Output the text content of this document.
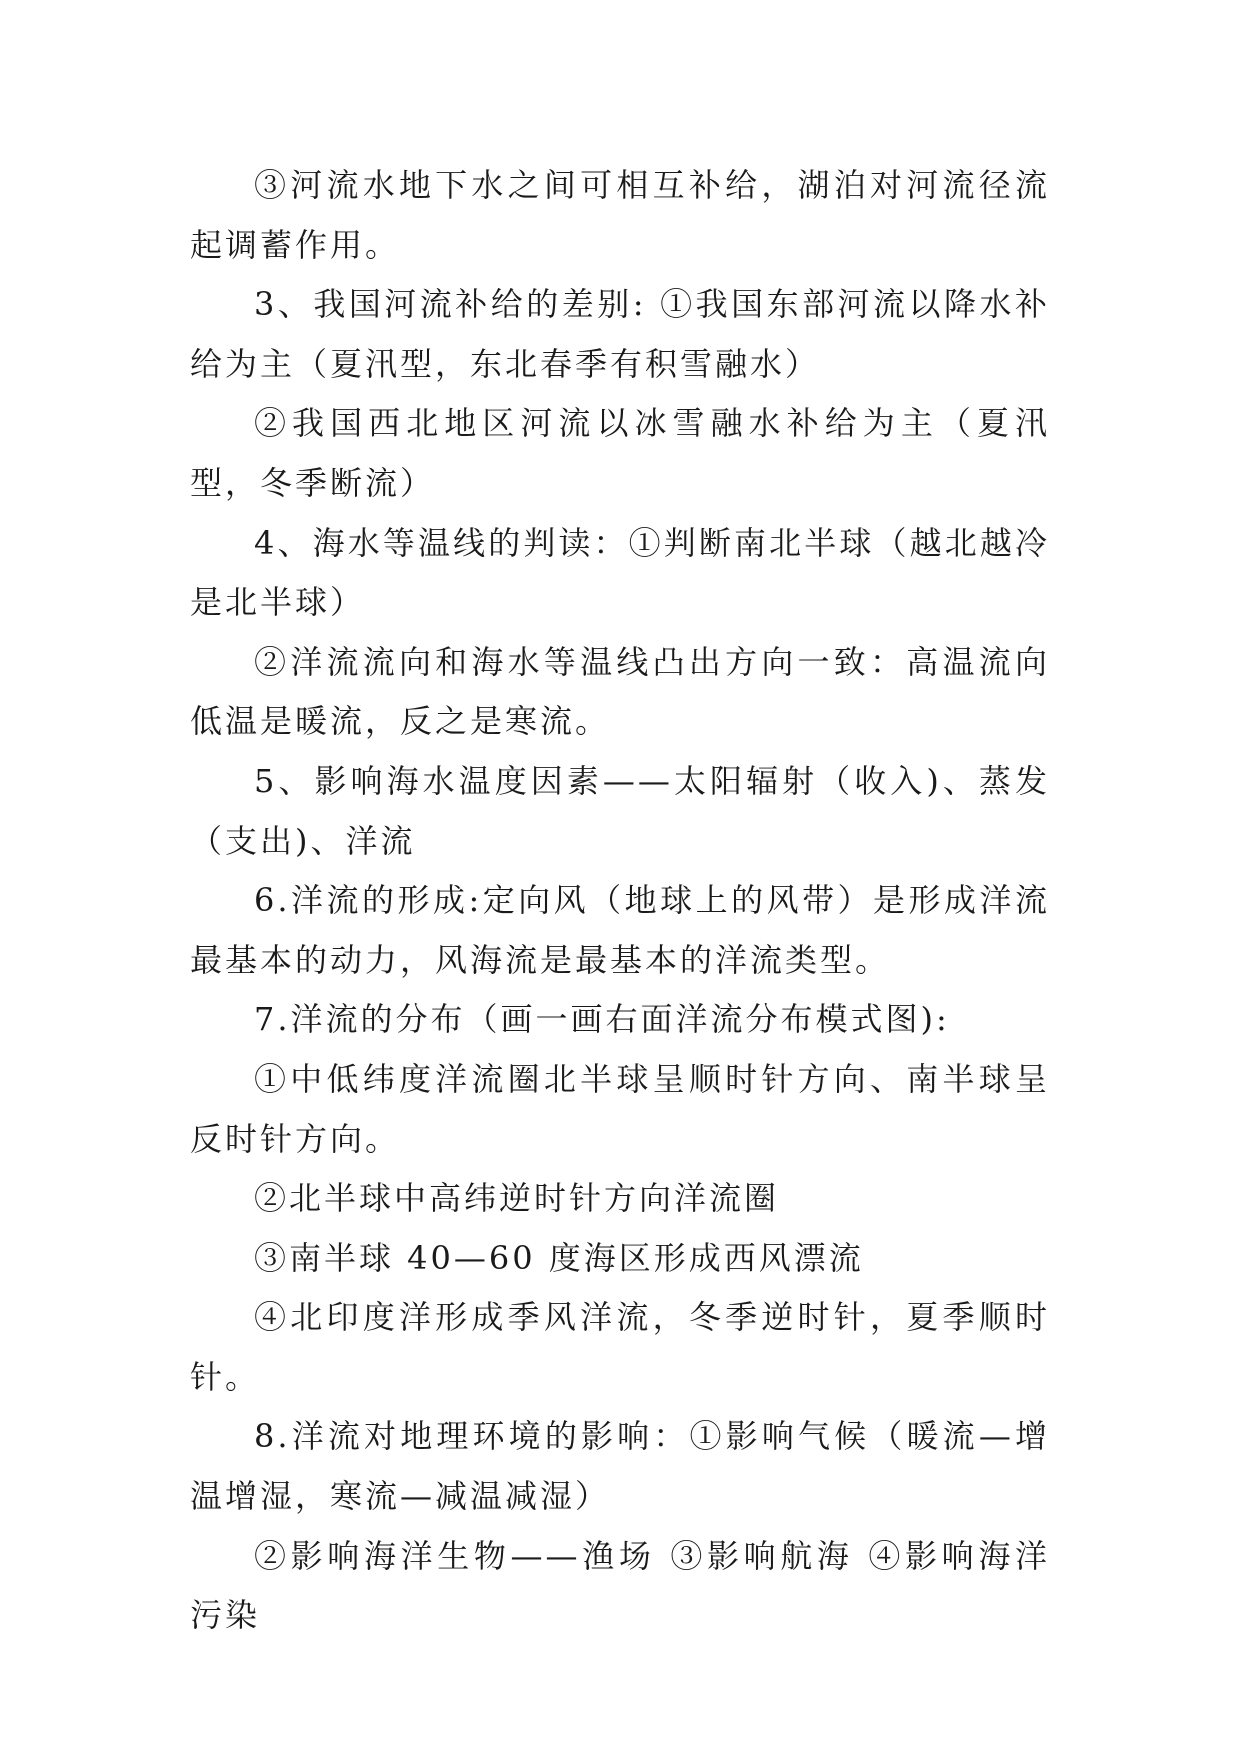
③河流水地下水之间可相互补给，湖泊对河流径流起调蓄作用。

3、我国河流补给的差别: ①我国东部河流以降水补给为主（夏汛型，东北春季有积雪融水）

②我国西北地区河流以冰雪融水补给为主（夏汛型，冬季断流）

4、海水等温线的判读：①判断南北半球（越北越冷是北半球）

②洋流流向和海水等温线凸出方向一致：高温流向低温是暖流，反之是寒流。

5、影响海水温度因素——太阳辐射（收入)、蒸发（支出)、洋流

6.洋流的形成:定向风（地球上的风带）是形成洋流最基本的动力，风海流是最基本的洋流类型。

7.洋流的分布（画一画右面洋流分布模式图):

①中低纬度洋流圈北半球呈顺时针方向、南半球呈反时针方向。

②北半球中高纬逆时针方向洋流圈

③南半球 40—60 度海区形成西风漂流

④北印度洋形成季风洋流，冬季逆时针，夏季顺时针。

8.洋流对地理环境的影响：①影响气候（暖流—增温增湿，寒流—减温减湿）

②影响海洋生物——渔场 ③影响航海 ④影响海洋污染
